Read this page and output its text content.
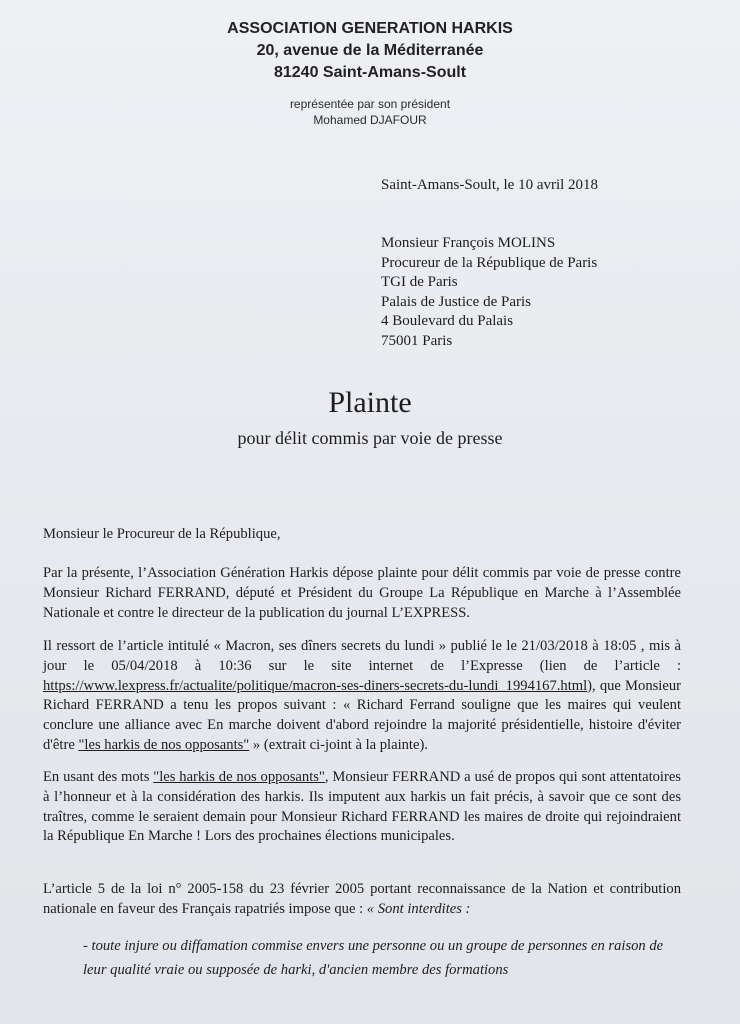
ASSOCIATION GENERATION HARKIS
20, avenue de la Méditerranée
81240 Saint-Amans-Soult
représentée par son président
Mohamed DJAFOUR
Saint-Amans-Soult, le 10 avril 2018
Monsieur François MOLINS
Procureur de la République de Paris
TGI de Paris
Palais de Justice de Paris
4 Boulevard du Palais
75001 Paris
Plainte
pour délit commis par voie de presse
Monsieur le Procureur de la République,
Par la présente, l’Association Génération Harkis dépose plainte pour délit commis par voie de presse contre Monsieur Richard FERRAND, député et Président du Groupe La République en Marche à l’Assemblée Nationale et contre le directeur de la publication du journal L’EXPRESS.
Il ressort de l’article intitulé « Macron, ses dîners secrets du lundi » publié le le 21/03/2018 à 18:05 , mis à jour le 05/04/2018 à 10:36 sur le site internet de l’Expresse (lien de l’article : https://www.lexpress.fr/actualite/politique/macron-ses-diners-secrets-du-lundi_1994167.html), que Monsieur Richard FERRAND a tenu les propos suivant : « Richard Ferrand souligne que les maires qui veulent conclure une alliance avec En marche doivent d'abord rejoindre la majorité présidentielle, histoire d'éviter d'être "les harkis de nos opposants" » (extrait ci-joint à la plainte).
En usant des mots "les harkis de nos opposants", Monsieur FERRAND a usé de propos qui sont attentatoires à l’honneur et à la considération des harkis. Ils imputent aux harkis un fait précis, à savoir que ce sont des traîtres, comme le seraient demain pour Monsieur Richard FERRAND les maires de droite qui rejoindraient la République En Marche ! Lors des prochaines élections municipales.
L’article 5 de la loi n° 2005-158 du 23 février 2005 portant reconnaissance de la Nation et contribution nationale en faveur des Français rapatriés impose que : « Sont interdites :
- toute injure ou diffamation commise envers une personne ou un groupe de personnes en raison de leur qualité vraie ou supposée de harki, d'ancien membre des formations
